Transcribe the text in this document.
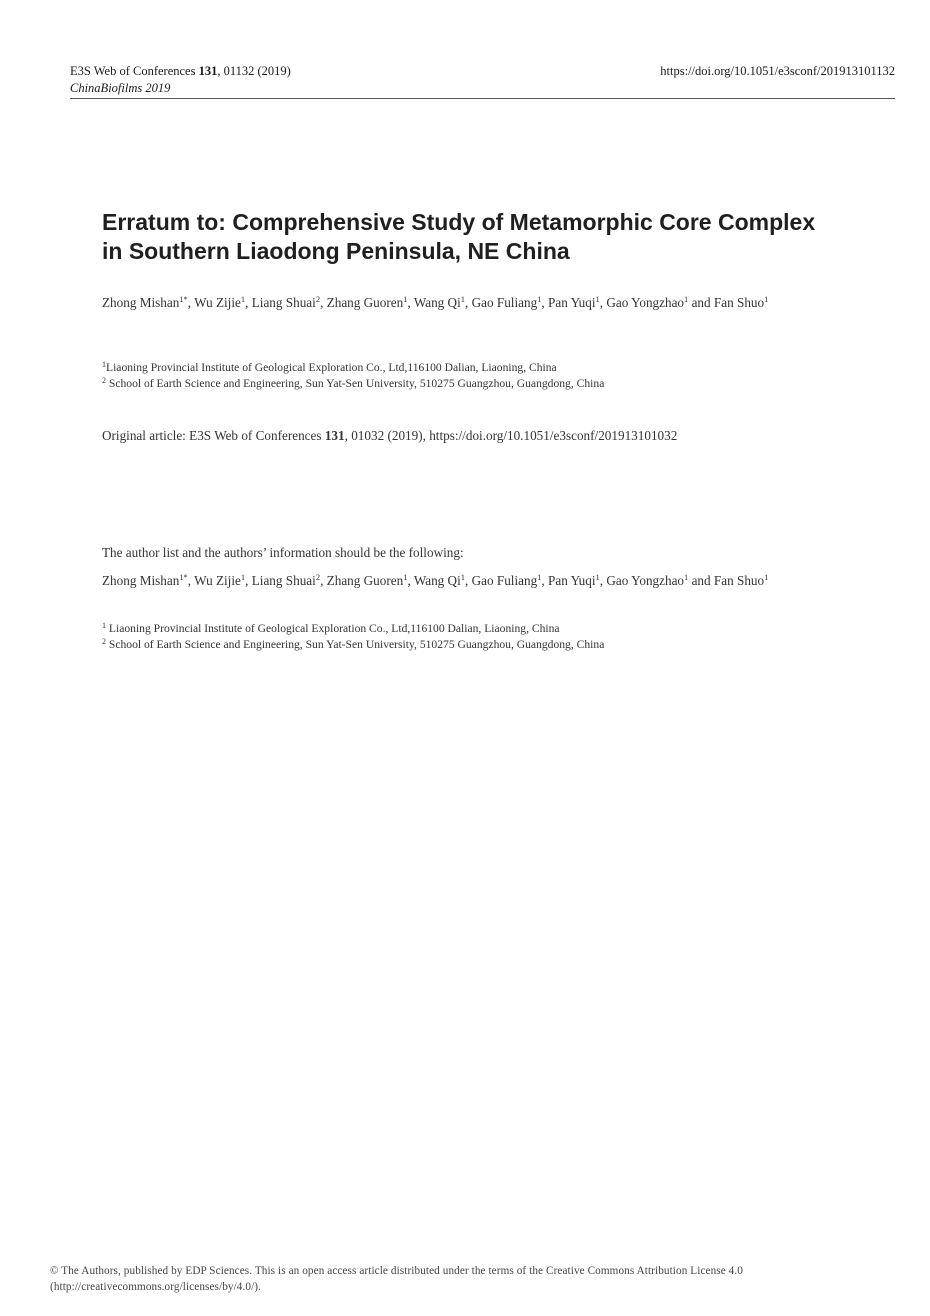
E3S Web of Conferences 131, 01132 (2019)
ChinaBiofilms 2019
https://doi.org/10.1051/e3sconf/201913101132
Erratum to: Comprehensive Study of Metamorphic Core Complex
in Southern Liaodong Peninsula, NE China

Zhong Mishan$^{1*}$, Wu Zijie$^1$, Liang Shuai$^2$, Zhang Guoren$^1$, Wang Qi$^1$, Gao Fuliang$^1$, Pan Yuqi$^1$, Gao Yongzhao$^1$ and Fan Shuo$^1$

$^1$Liaoning Provincial Institute of Geological Exploration Co., Ltd,116100 Dalian, Liaoning, China
$^2$ School of Earth Science and Engineering, Sun Yat-Sen University, 510275 Guangzhou, Guangdong, China

Original article: E3S Web of Conferences 131, 01032 (2019), https://doi.org/10.1051/e3sconf/201913101032

The author list and the authors’ information should be the following:

Zhong Mishan$^{1*}$, Wu Zijie$^1$, Liang Shuai$^2$, Zhang Guoren$^1$, Wang Qi$^1$, Gao Fuliang$^1$, Pan Yuqi$^1$, Gao Yongzhao$^1$ and Fan Shuo$^1$

$^1$ Liaoning Provincial Institute of Geological Exploration Co., Ltd,116100 Dalian, Liaoning, China
$^2$ School of Earth Science and Engineering, Sun Yat-Sen University, 510275 Guangzhou, Guangdong, China

© The Authors, published by EDP Sciences. This is an open access article distributed under the terms of the Creative Commons Attribution License 4.0 (http://creativecommons.org/licenses/by/4.0/).
